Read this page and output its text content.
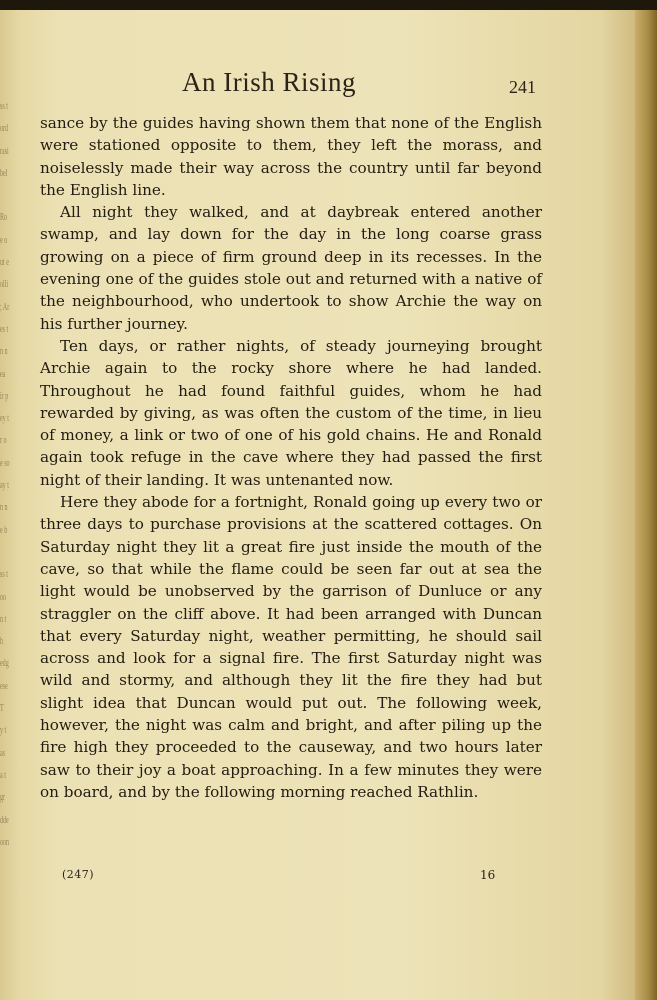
ss t
ord
rasi
bel
Ro
e o
ut e
olli
; Ar
es t
n n
ea
ir p
ey t
r o
e so
ay t
n n
e b
ss t
oo
n t
h
edg
ese
T
y t
as
a t
gr
dde
oon
An Irish Rising	241

sance by the guides having shown them that none of the English were stationed opposite to them, they left the morass, and noiselessly made their way across the country until far beyond the English line.

All night they walked, and at daybreak entered another swamp, and lay down for the day in the long coarse grass growing on a piece of firm ground deep in its recesses. In the evening one of the guides stole out and returned with a native of the neighbourhood, who undertook to show Archie the way on his further journey.

Ten days, or rather nights, of steady journeying brought Archie again to the rocky shore where he had landed. Throughout he had found faithful guides, whom he had rewarded by giving, as was often the custom of the time, in lieu of money, a link or two of one of his gold chains. He and Ronald again took refuge in the cave where they had passed the first night of their landing. It was untenanted now.

Here they abode for a fortnight, Ronald going up every two or three days to purchase provisions at the scattered cottages. On Saturday night they lit a great fire just inside the mouth of the cave, so that while the flame could be seen far out at sea the light would be unobserved by the garrison of Dunluce or any straggler on the cliff above. It had been arranged with Duncan that every Saturday night, weather permitting, he should sail across and look for a signal fire. The first Saturday night was wild and stormy, and although they lit the fire they had but slight idea that Duncan would put out. The following week, however, the night was calm and bright, and after piling up the fire high they proceeded to the causeway, and two hours later saw to their joy a boat approaching. In a few minutes they were on board, and by the following morning reached Rathlin.

(247)	16
